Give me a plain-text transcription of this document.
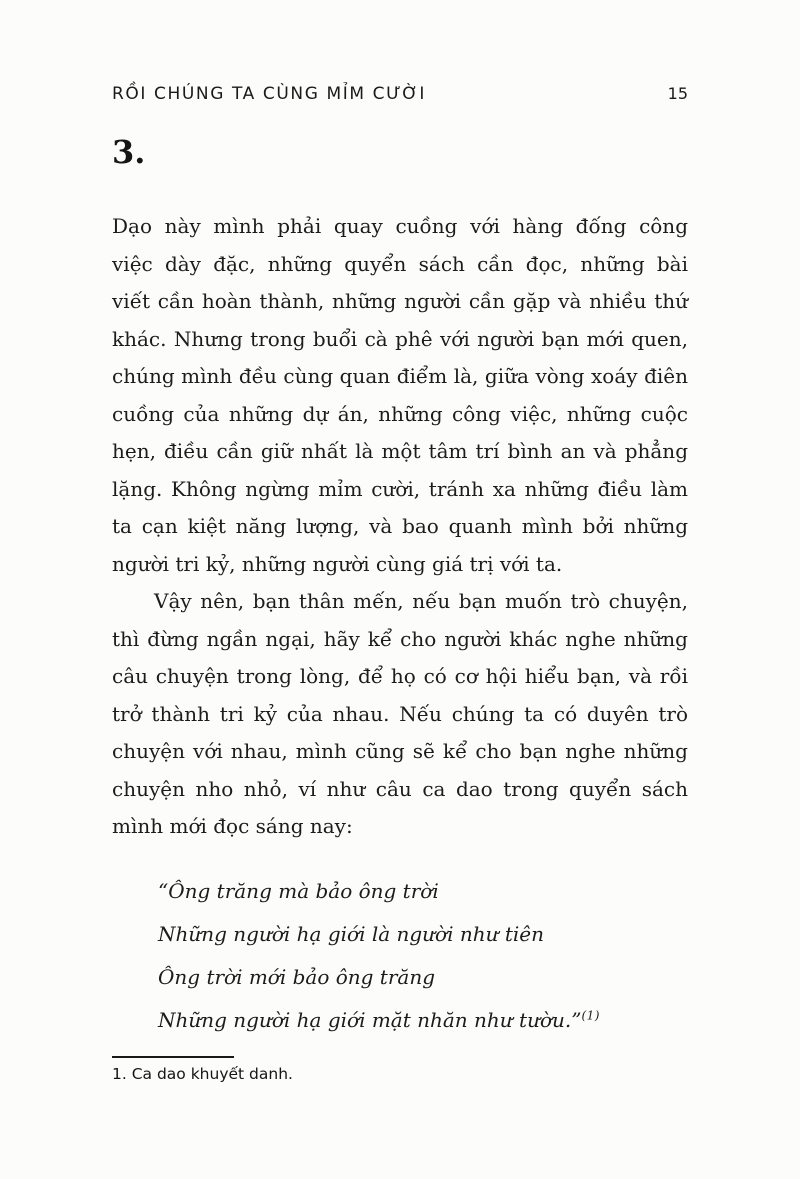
RỒI CHÚNG TA CÙNG MỈM CƯỜI	15
3.
Dạo này mình phải quay cuồng với hàng đống công
việc dày đặc, những quyển sách cần đọc, những bài
viết cần hoàn thành, những người cần gặp và nhiều thứ
khác. Nhưng trong buổi cà phê với người bạn mới quen,
chúng mình đều cùng quan điểm là, giữa vòng xoáy điên
cuồng của những dự án, những công việc, những cuộc
hẹn, điều cần giữ nhất là một tâm trí bình an và phẳng
lặng. Không ngừng mỉm cười, tránh xa những điều làm
ta cạn kiệt năng lượng, và bao quanh mình bởi những
người tri kỷ, những người cùng giá trị với ta.
Vậy nên, bạn thân mến, nếu bạn muốn trò chuyện,
thì đừng ngần ngại, hãy kể cho người khác nghe những
câu chuyện trong lòng, để họ có cơ hội hiểu bạn, và rồi
trở thành tri kỷ của nhau. Nếu chúng ta có duyên trò
chuyện với nhau, mình cũng sẽ kể cho bạn nghe những
chuyện nho nhỏ, ví như câu ca dao trong quyển sách
mình mới đọc sáng nay:
“Ông trăng mà bảo ông trời
Những người hạ giới là người như tiên
Ông trời mới bảo ông trăng
Những người hạ giới mặt nhăn như tườu.”$^{(1)}$
1. Ca dao khuyết danh.
